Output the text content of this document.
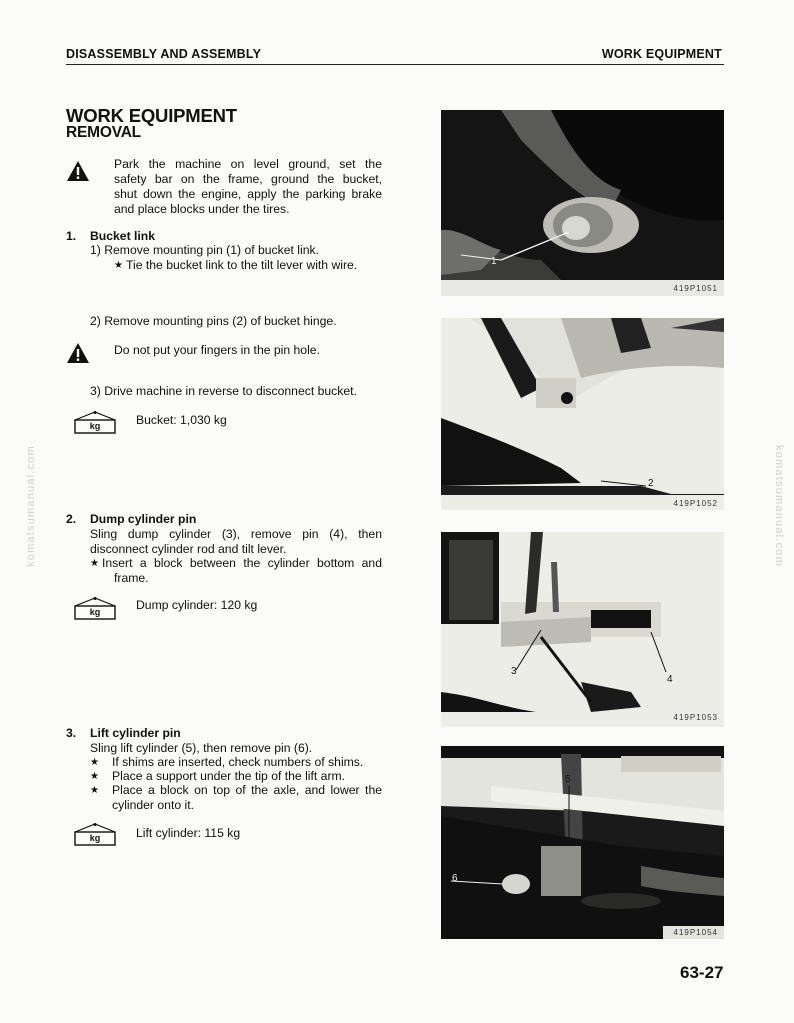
DISASSEMBLY AND ASSEMBLY	WORK EQUIPMENT
komatsumanual.com	komatsumanual.com
WORK EQUIPMENT
REMOVAL
Park the machine on level ground, set the
safety bar on the frame, ground the bucket,
shut down the engine, apply the parking brake
and place blocks under the tires.
1. Bucket link
1) Remove mounting pin (1) of bucket link.
★ Tie the bucket link to the tilt lever with wire.
2) Remove mounting pins (2) of bucket hinge.
Do not put your fingers in the pin hole.
3) Drive machine in reverse to disconnect bucket.
kg	Bucket: 1,030 kg
2. Dump cylinder pin
Sling dump cylinder (3), remove pin (4), then
disconnect cylinder rod and tilt lever.
★ Insert a block between the cylinder bottom and
frame.
kg	Dump cylinder: 120 kg
3. Lift cylinder pin
Sling lift cylinder (5), then remove pin (6).
★ If shims are inserted, check numbers of shims.
★ Place a support under the tip of the lift arm.
★ Place a block on top of the axle, and lower the
cylinder onto it.
kg	Lift cylinder: 115 kg
1
419P1051
2
419P1052
3
4
419P1053
5
6
419P1054
63-27
